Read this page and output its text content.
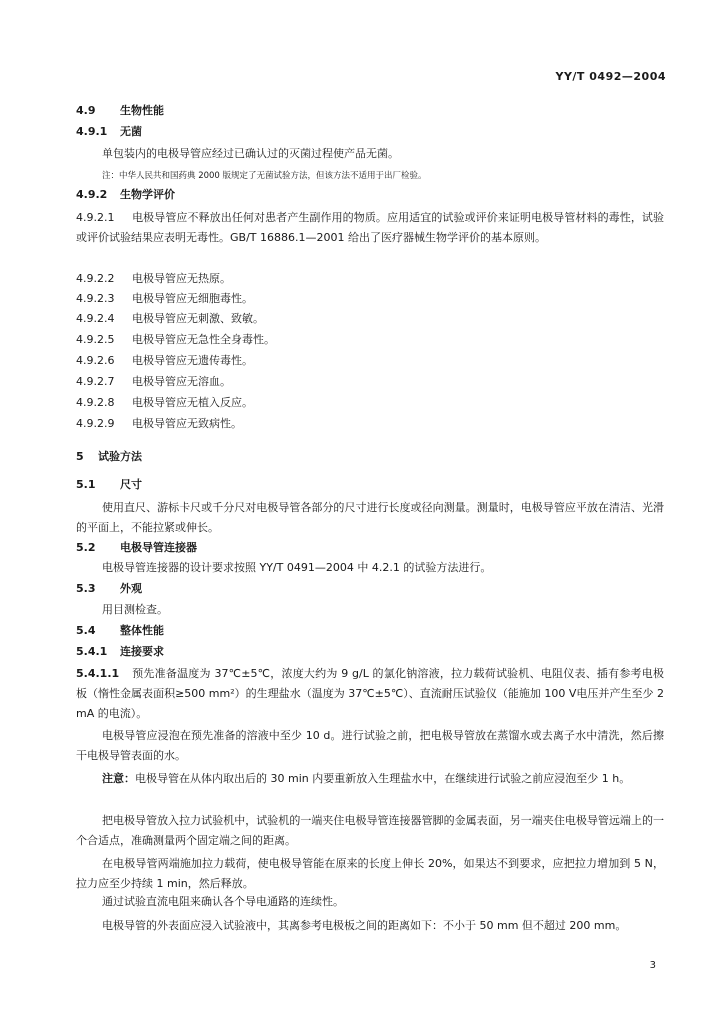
YY/T 0492—2004
4.9 生物性能
4.9.1 无菌
单包装内的电极导管应经过已确认过的灭菌过程使产品无菌。
注：中华人民共和国药典 2000 版规定了无菌试验方法，但该方法不适用于出厂检验。
4.9.2 生物学评价
4.9.2.1 电极导管应不释放出任何对患者产生副作用的物质。应用适宜的试验或评价来证明电极导管材料的毒性，试验或评价试验结果应表明无毒性。GB/T 16886.1—2001 给出了医疗器械生物学评价的基本原则。
4.9.2.2 电极导管应无热原。
4.9.2.3 电极导管应无细胞毒性。
4.9.2.4 电极导管应无刺激、致敏。
4.9.2.5 电极导管应无急性全身毒性。
4.9.2.6 电极导管应无遗传毒性。
4.9.2.7 电极导管应无溶血。
4.9.2.8 电极导管应无植入反应。
4.9.2.9 电极导管应无致病性。
5 试验方法
5.1 尺寸
使用直尺、游标卡尺或千分尺对电极导管各部分的尺寸进行长度或径向测量。测量时，电极导管应平放在清洁、光滑的平面上，不能拉紧或伸长。
5.2 电极导管连接器
电极导管连接器的设计要求按照 YY/T 0491—2004 中 4.2.1 的试验方法进行。
5.3 外观
用目测检查。
5.4 整体性能
5.4.1 连接要求
5.4.1.1 预先准备温度为 37℃±5℃，浓度大约为 9 g/L 的氯化钠溶液，拉力载荷试验机、电阻仪表、插有参考电极板（惰性金属表面积≥500 mm²）的生理盐水（温度为 37℃±5℃）、直流耐压试验仪（能施加 100 V电压并产生至少 2 mA 的电流）。
电极导管应浸泡在预先准备的溶液中至少 10 d。进行试验之前，把电极导管放在蒸馏水或去离子水中清洗，然后擦干电极导管表面的水。
注意：电极导管在从体内取出后的 30 min 内要重新放入生理盐水中，在继续进行试验之前应浸泡至少 1 h。
把电极导管放入拉力试验机中，试验机的一端夹住电极导管连接器管脚的金属表面，另一端夹住电极导管远端上的一个合适点，准确测量两个固定端之间的距离。
在电极导管两端施加拉力载荷，使电极导管能在原来的长度上伸长 20%，如果达不到要求，应把拉力增加到 5 N，拉力应至少持续 1 min，然后释放。
通过试验直流电阻来确认各个导电通路的连续性。
电极导管的外表面应浸入试验液中，其离参考电极板之间的距离如下：不小于 50 mm 但不超过 200 mm。
3
